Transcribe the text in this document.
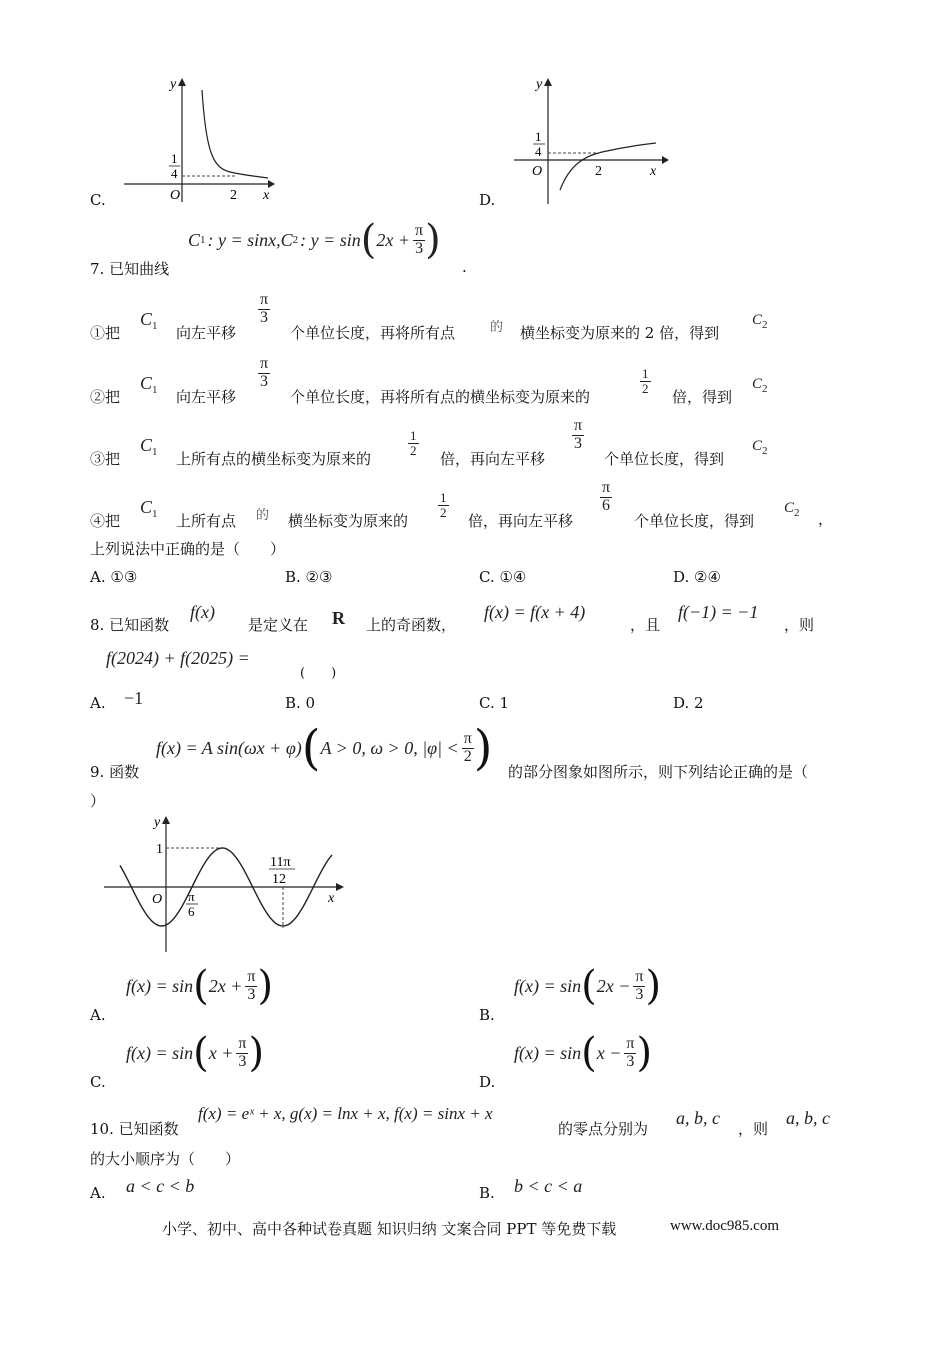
y
x
O
1
4
2
C.
y
x
O
1
4
2
D.
C 1 : y = sinx, C 2 : y = sin ( $2x + \frac{\pi}{3}$ )
7. 已知曲线	.
①把
$C_1$ 向左平移
π
3
个单位长度，再将所有点	的 横坐标变为原来的 2 倍，得到
$C_2$
②把
$C_1$ 向左平移
π
3
个单位长度，再将所有点的横坐标变为原来的
1
2 倍，得到
$C_2$
③把
$C_1$ 上所有点的横坐标变为原来的
1
2 倍，再向左平移
π
3
个单位长度，得到
$C_2$
④把
$C_1$ 上所有点 的 横坐标变为原来的
1
2 倍，再向左平移
π
6
个单位长度，得到
$C_2$ ，
上列说法中正确的是（　　）
A. ①③	B. ②③	C. ①④	D. ②④
8. 已知函数
f(x)
是定义在 R 上的奇函数，
f(x) = f(x + 4)
，且
f(−1) = −1
，则
f(2024) + f(2025) =
(　　)
A. −1	B. 0	C. 1	D. 2
f(x) = A sin(ωx + φ) ( A > 0, ω > 0, $|\varphi| < \frac{\pi}{2}$ )
9. 函数	的部分图象如图所示，则下列结论正确的是（
）
y
x
O
1
π
6
11π
12
A.
f(x) = sin ( $2x + \frac{\pi}{3}$ )
B.
f(x) = sin ( $2x - \frac{\pi}{3}$ )
C.
f(x) = sin ( $x + \frac{\pi}{3}$ )
D.
f(x) = sin ( $x - \frac{\pi}{3}$ )
10. 已知函数
f(x) = eˣ + x, g(x) = lnx + x, f(x) = sinx + x
的零点分别为
a, b, c
，则
a, b, c
的大小顺序为（　　）
A. a < c < b	B. b < c < a
小学、初中、高中各种试卷真题 知识归纳 文案合同 PPT 等免费下载	www.doc985.com
